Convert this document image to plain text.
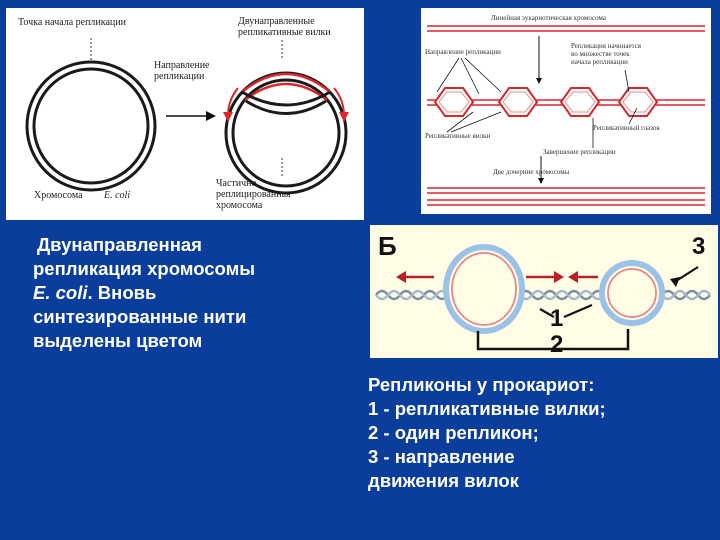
Точка начала репликации	Двунаправленные
репликативные вилки
Направление
репликации
Хромосома E. coli
Частично
реплицированная
хромосома
Линейная эукариотическая хромосома
Направление репликации
Репликация начинается
во множестве точек
начала репликации
Репликативные вилки
Репликативный глазок
Завершение репликации
Две дочерние хромосомы
Б
1
2
3
Двунаправленная
репликация хромосомы
E. coli. Вновь
синтезированные нити
выделены цветом
Репликоны у прокариот:
1 - репликативные вилки;
2 - один репликон;
3 - направление
движения вилок
